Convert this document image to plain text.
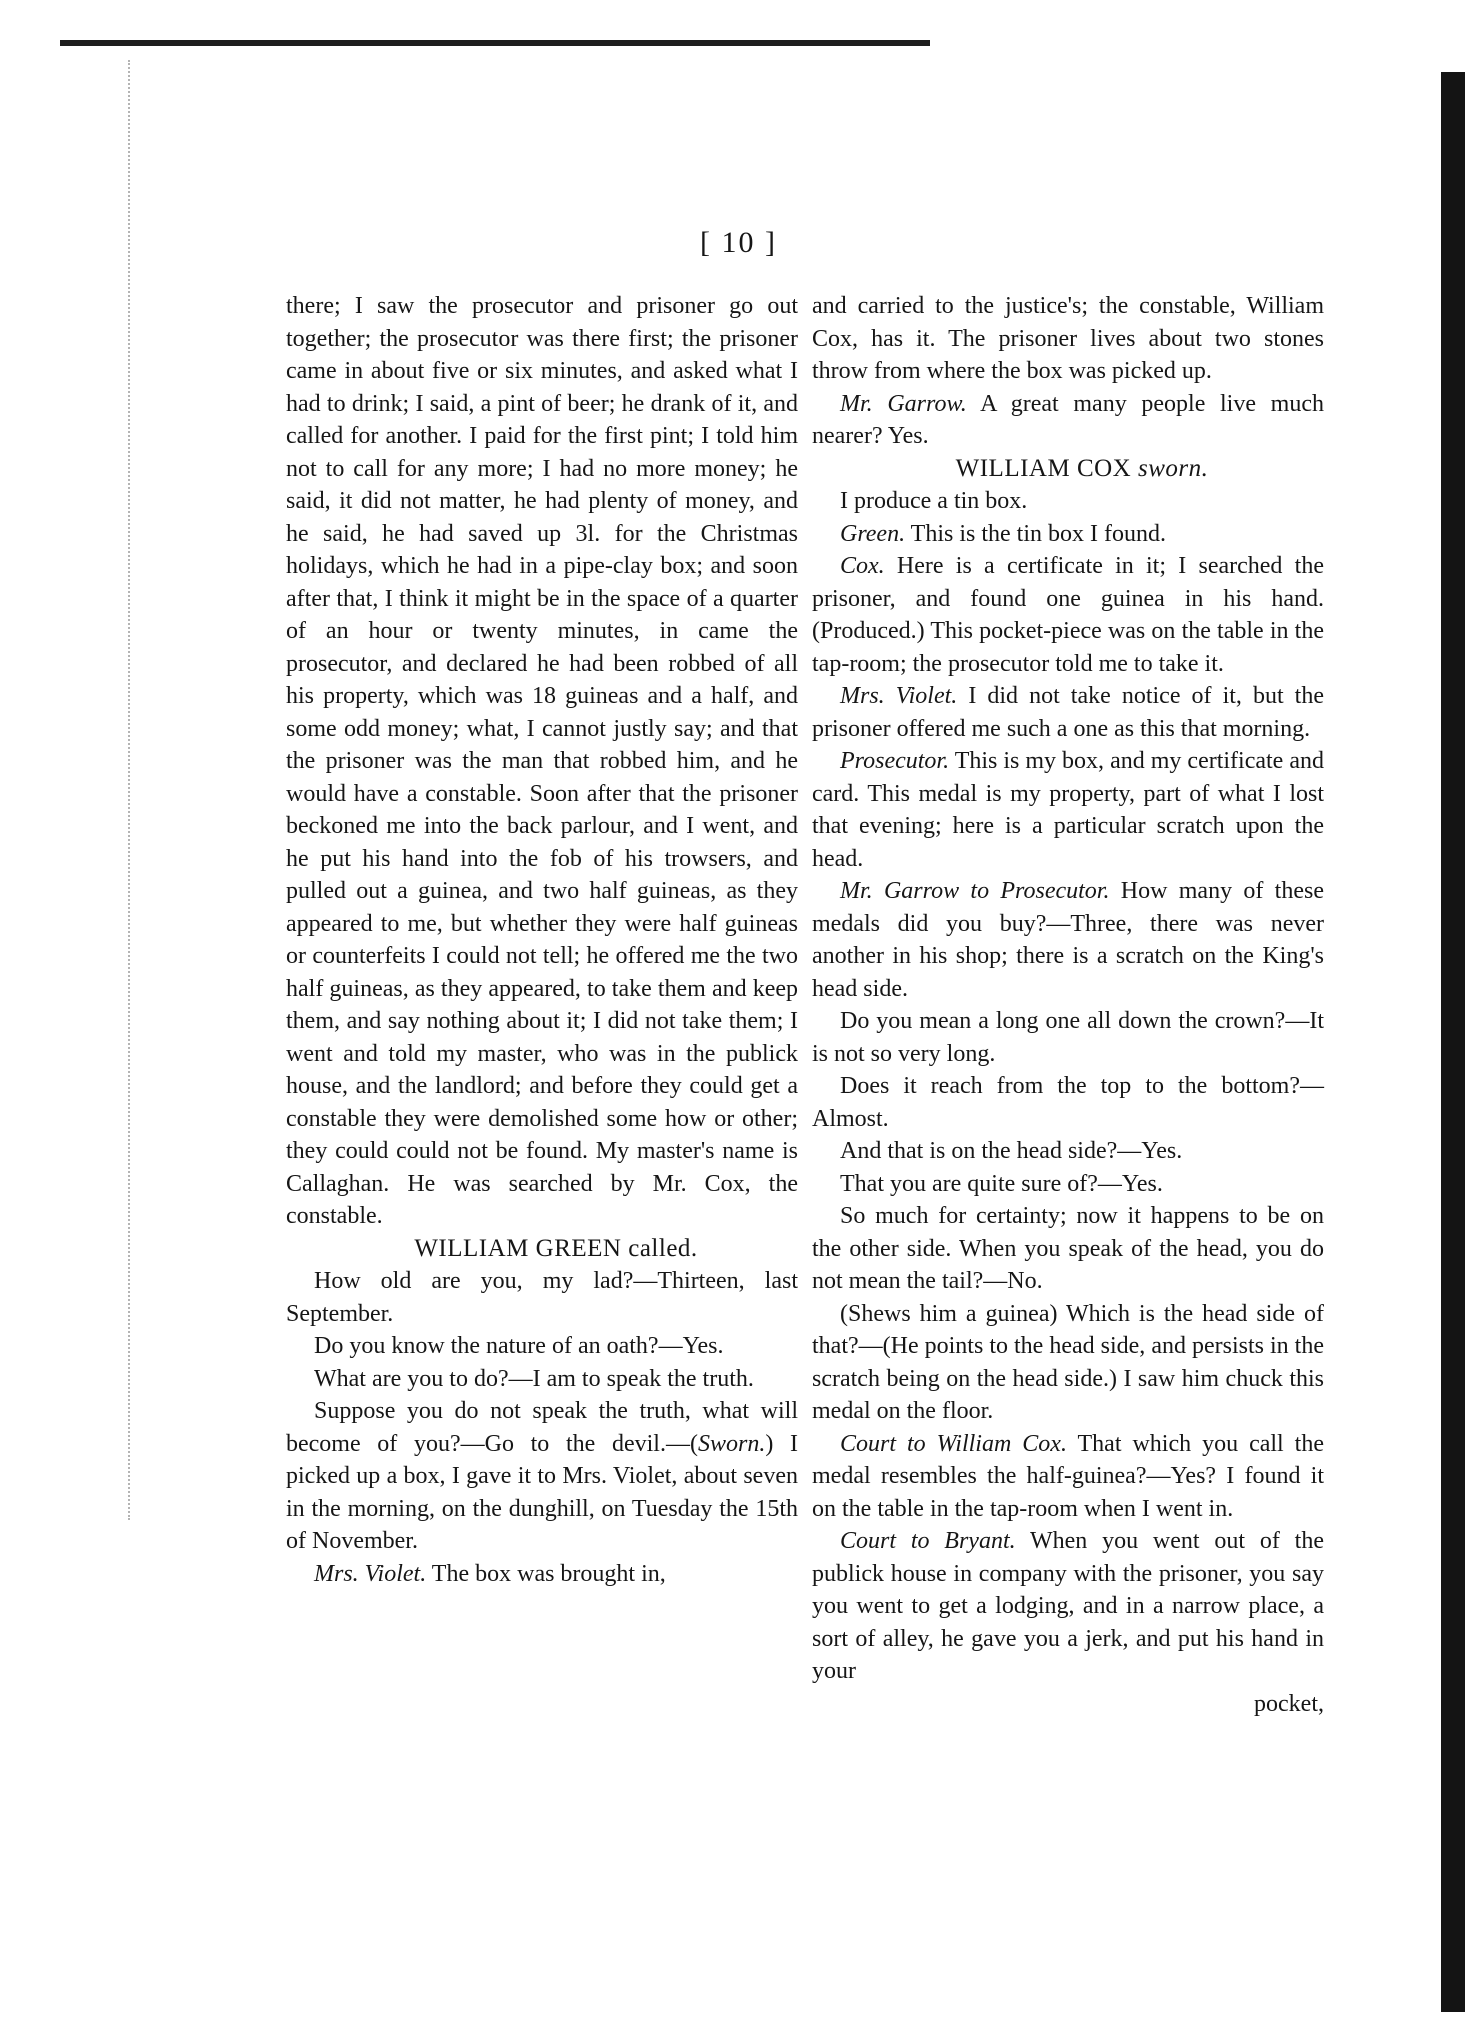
[ 10 ]

there; I saw the prosecutor and prisoner go out together; the prosecutor was there first; the prisoner came in about five or six minutes, and asked what I had to drink; I said, a pint of beer; he drank of it, and called for another. I paid for the first pint; I told him not to call for any more; I had no more money; he said, it did not matter, he had plenty of money, and he said, he had saved up 3l. for the Christmas holidays, which he had in a pipe-clay box; and soon after that, I think it might be in the space of a quarter of an hour or twenty minutes, in came the prosecutor, and declared he had been robbed of all his property, which was 18 guineas and a half, and some odd money; what, I cannot justly say; and that the prisoner was the man that robbed him, and he would have a constable. Soon after that the prisoner beckoned me into the back parlour, and I went, and he put his hand into the fob of his trowsers, and pulled out a guinea, and two half guineas, as they appeared to me, but whether they were half guineas or counterfeits I could not tell; he offered me the two half guineas, as they appeared, to take them and keep them, and say nothing about it; I did not take them; I went and told my master, who was in the publick house, and the landlord; and before they could get a constable they were demolished some how or other; they could could not be found. My master's name is Callaghan. He was searched by Mr. Cox, the constable.

WILLIAM GREEN called.

How old are you, my lad?—Thirteen, last September.

Do you know the nature of an oath?—Yes.

What are you to do?—I am to speak the truth.

Suppose you do not speak the truth, what will become of you?—Go to the devil.—(Sworn.) I picked up a box, I gave it to Mrs. Violet, about seven in the morning, on the dunghill, on Tuesday the 15th of November.

Mrs. Violet. The box was brought in,

and carried to the justice's; the constable, William Cox, has it. The prisoner lives about two stones throw from where the box was picked up.

Mr. Garrow. A great many people live much nearer? Yes.

WILLIAM COX sworn.

I produce a tin box.

Green. This is the tin box I found.

Cox. Here is a certificate in it; I searched the prisoner, and found one guinea in his hand. (Produced.) This pocket-piece was on the table in the tap-room; the prosecutor told me to take it.

Mrs. Violet. I did not take notice of it, but the prisoner offered me such a one as this that morning.

Prosecutor. This is my box, and my certificate and card. This medal is my property, part of what I lost that evening; here is a particular scratch upon the head.

Mr. Garrow to Prosecutor. How many of these medals did you buy?—Three, there was never another in his shop; there is a scratch on the King's head side.

Do you mean a long one all down the crown?—It is not so very long.

Does it reach from the top to the bottom?—Almost.

And that is on the head side?—Yes.

That you are quite sure of?—Yes.

So much for certainty; now it happens to be on the other side. When you speak of the head, you do not mean the tail?—No.

(Shews him a guinea) Which is the head side of that?—(He points to the head side, and persists in the scratch being on the head side.) I saw him chuck this medal on the floor.

Court to William Cox. That which you call the medal resembles the half-guinea?—Yes? I found it on the table in the tap-room when I went in.

Court to Bryant. When you went out of the publick house in company with the prisoner, you say you went to get a lodging, and in a narrow place, a sort of alley, he gave you a jerk, and put his hand in your

pocket,
